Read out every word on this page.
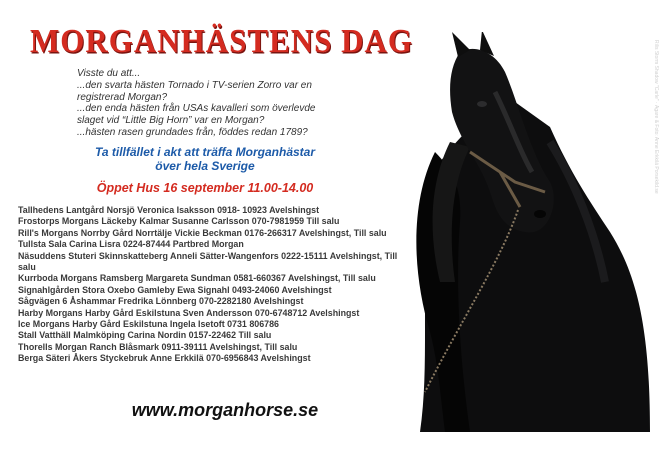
MORGANHÄSTENS DAG
Visste du att...
...den svarta hästen Tornado i TV-serien Zorro var en
registrerad Morgan?
...den enda hästen från USAs kavalleri som överlevde
slaget vid “Little Big Horn” var en Morgan?
...hästen rasen grundades från, föddes redan 1789?
Ta tillfället i akt att träffa Morganhästar
över hela Sverige
Öppet Hus 16 september 11.00-14.00
Tallhedens Lantgård Norsjö Veronica Isaksson 0918- 10923 Avelshingst
Frostorps Morgans Läckeby Kalmar Susanne Carlsson 070-7981959 Till salu
Rill's Morgans Norrby Gård Norrtälje Vickie Beckman 0176-266317 Avelshingst, Till salu
Tullsta Sala Carina Lisra 0224-87444 Partbred Morgan
Näsuddens Stuteri Skinnskatteberg Anneli Sätter-Wangenfors 0222-15111 Avelshingst, Till salu
Kurrboda Morgans Ramsberg Margareta Sundman 0581-660367 Avelshingst, Till salu
Signahlgården Stora Oxebo Gamleby Ewa Signahl 0493-24060 Avelshingst
Sågvägen 6 Åshammar Fredrika Lönnberg 070-2282180 Avelshingst
Harby Morgans Harby Gård Eskilstuna Sven Andersson 070-6748712 Avelshingst
Ice Morgans Harby Gård Eskilstuna Ingela Isetoft 0731 806786
Stall Vatthäll Malmköping Carina Nordin 0157-22462 Till salu
Thorells Morgan Ranch Blåsmark 0911-39111 Avelshingst, Till salu
Berga Säteri Åkers Styckebruk Anne Erkkilä 070-6956843 Avelshingst
www.morganhorse.se
Rilis Storm Shadow "Carle" · Ägare & Foto: Anne Erkkilä Porsekild.se
